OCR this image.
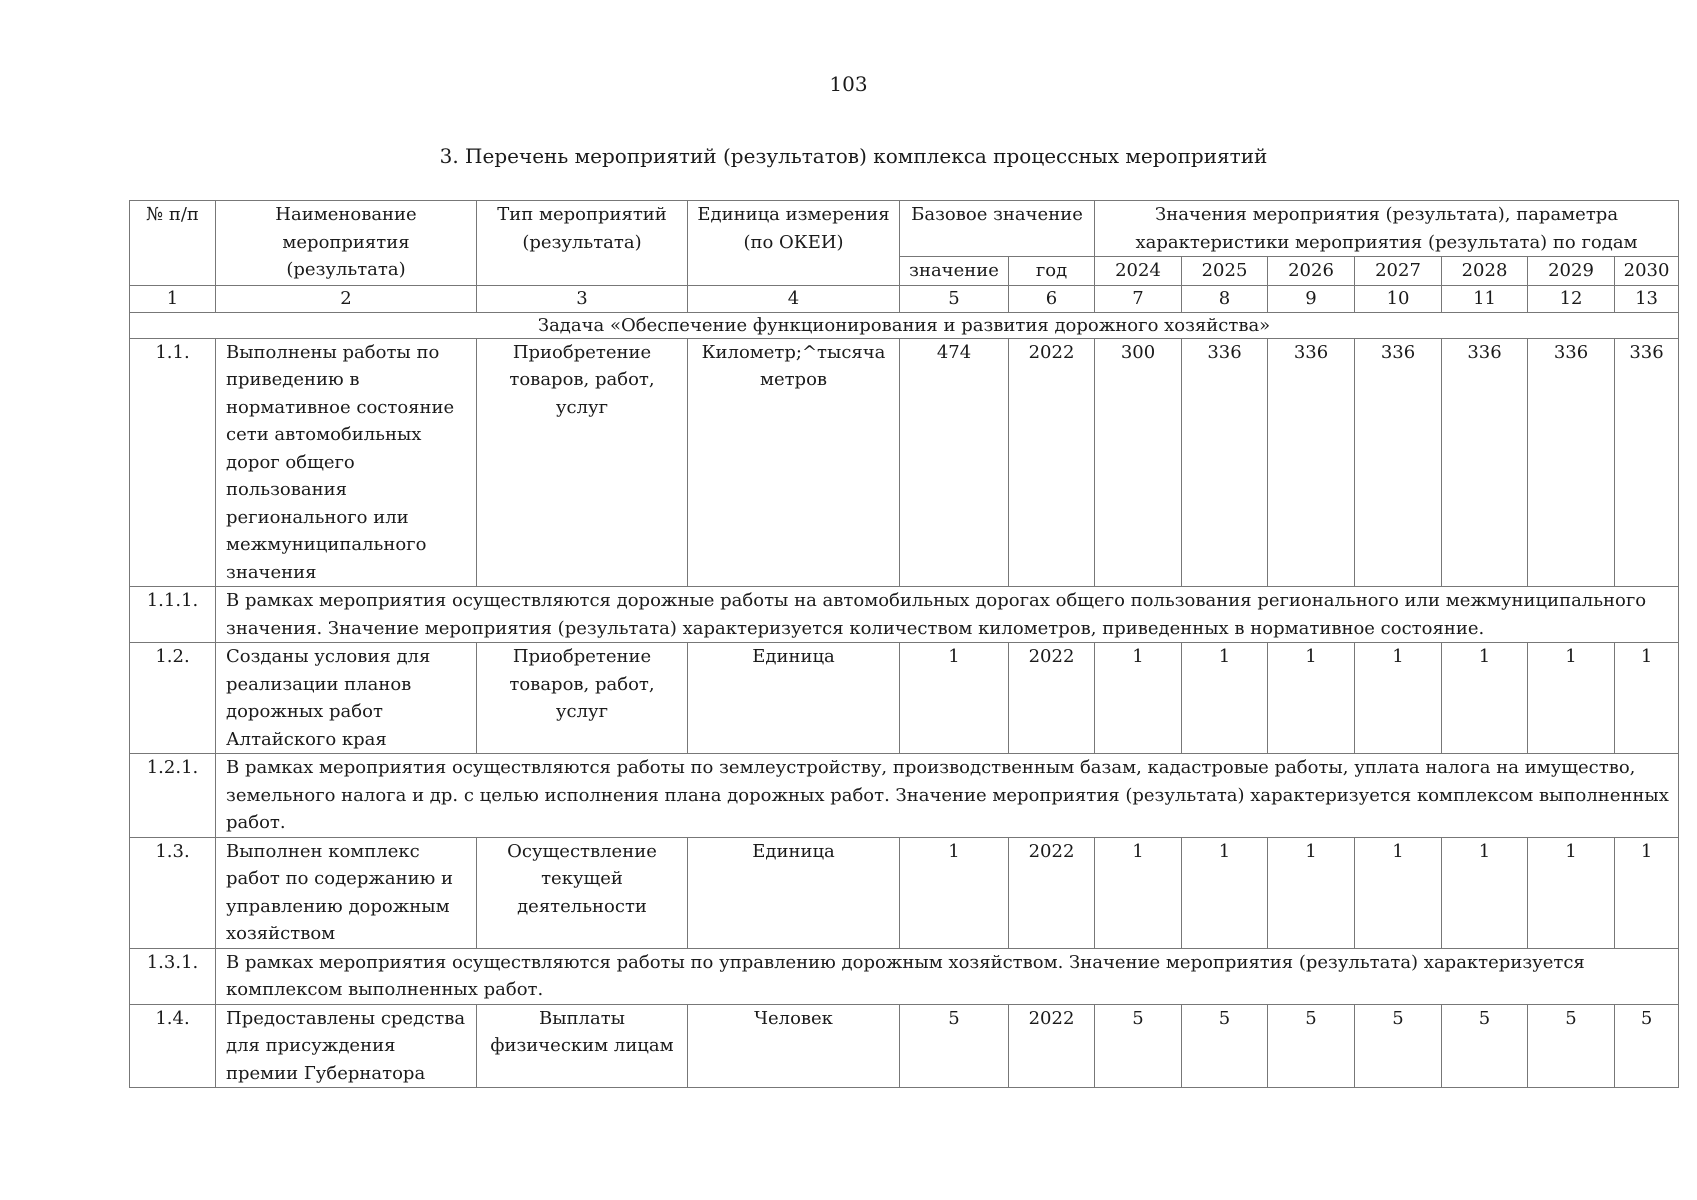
103
3. Перечень мероприятий (результатов) комплекса процессных мероприятий
№ п/п	Наименование мероприятия (результата)	Тип мероприятий (результата)	Единица измерения (по ОКЕИ)	Базовое значение		Значения мероприятия (результата), параметра характеристики мероприятия (результата) по годам						
				значение	год	2024	2025	2026	2027	2028	2029	2030
1	2	3	4	5	6	7	8	9	10	11	12	13
Задача «Обеспечение функционирования и развития дорожного хозяйства»												
1.1.	Выполнены работы по приведению в нормативное состояние сети автомобильных дорог общего пользования регионального или межмуниципального значения	Приобретение товаров, работ, услуг	Километр;^тысяча метров	474	2022	300	336	336	336	336	336	336
1.1.1.	В рамках мероприятия осуществляются дорожные работы на автомобильных дорогах общего пользования регионального или межмуниципального значения. Значение мероприятия (результата) характеризуется количеством километров, приведенных в нормативное состояние.											
1.2.	Созданы условия для реализации планов дорожных работ Алтайского края	Приобретение товаров, работ, услуг	Единица	1	2022	1	1	1	1	1	1	1
1.2.1.	В рамках мероприятия осуществляются работы по землеустройству, производственным базам, кадастровые работы, уплата налога на имущество, земельного налога и др. с целью исполнения плана дорожных работ. Значение мероприятия (результата) характеризуется комплексом выполненных работ.											
1.3.	Выполнен комплекс работ по содержанию и управлению дорожным хозяйством	Осуществление текущей деятельности	Единица	1	2022	1	1	1	1	1	1	1
1.3.1.	В рамках мероприятия осуществляются работы по управлению дорожным хозяйством. Значение мероприятия (результата) характеризуется комплексом выполненных работ.											
1.4.	Предоставлены средства для присуждения премии Губернатора	Выплаты физическим лицам	Человек	5	2022	5	5	5	5	5	5	5
